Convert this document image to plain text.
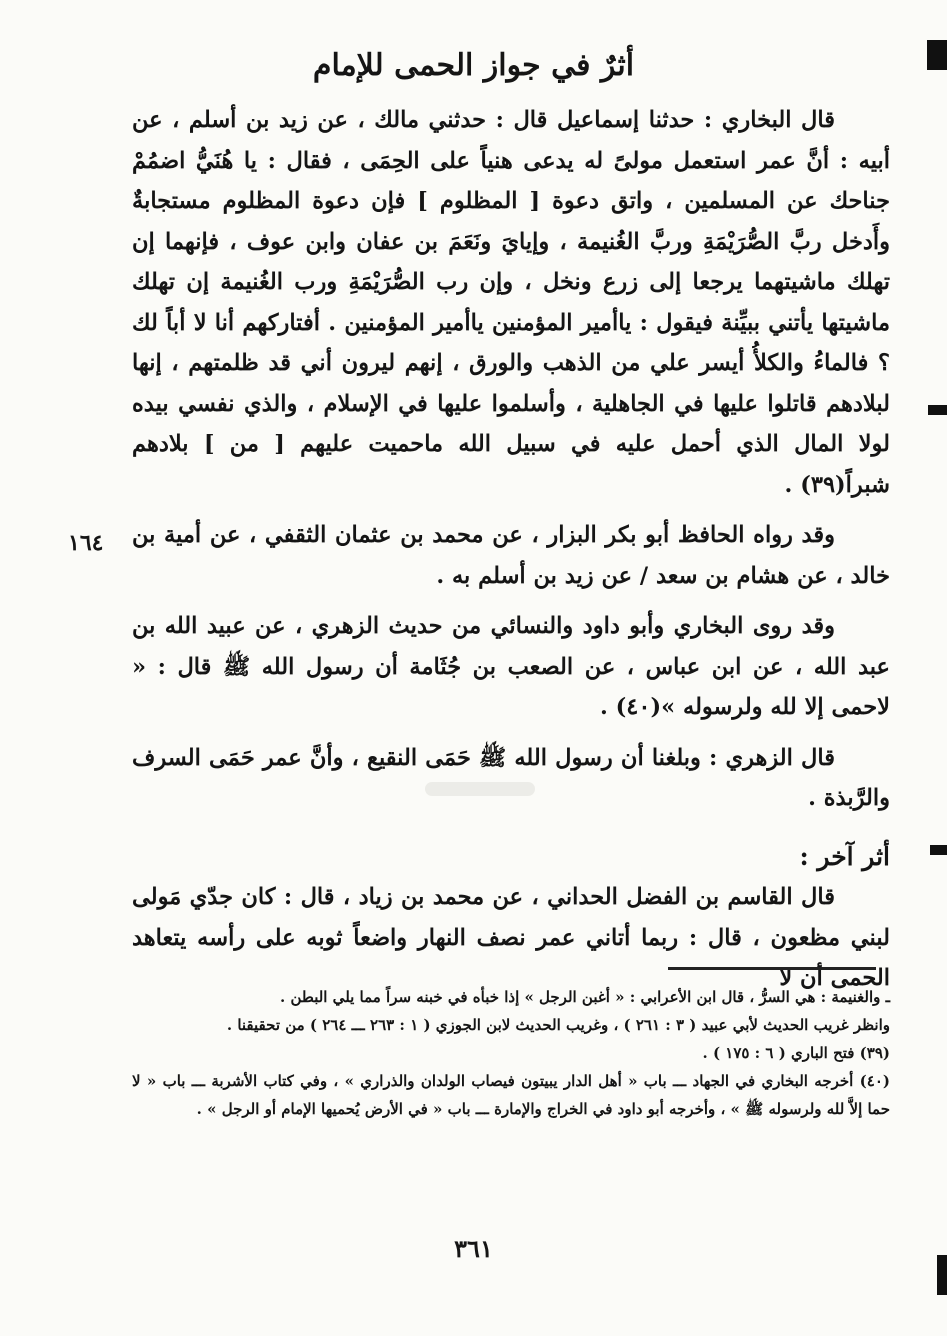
أثرٌ في جواز الحمى للإمام
١٦٤

قال البخاري : حدثنا إسماعيل قال : حدثني مالك ، عن زيد بن أسلم ، عن أبيه : أنَّ عمر استعمل مولىً له يدعى هنياً على الحِمَى ، فقال : يا هُنَيُّ اضمُمْ جناحك عن المسلمين ، واتق دعوة [ المظلوم ] فإن دعوة المظلوم مستجابةٌ وأَدخل ربَّ الصُّرَيْمَةِ وربَّ الغُنيمة ، وإيايَ ونَعَمَ بن عفان وابن عوف ، فإنهما إن تهلك ماشيتهما يرجعا إلى زرع ونخل ، وإن رب الصُّرَيْمَةِ ورب الغُنيمة إن تهلك ماشيتها يأتني ببيِّنة فيقول : ياأمير المؤمنين ياأمير المؤمنين . أفتاركهم أنا لا أباً لك ؟ فالماءُ والكلأُ أيسر علي من الذهب والورق ، إنهم ليرون أني قد ظلمتهم ، إنها لبلادهم قاتلوا عليها في الجاهلية ، وأسلموا عليها في الإسلام ، والذي نفسي بيده لولا المال الذي أحمل عليه في سبيل الله ماحميت عليهم [ من ] بلادهم شبراً(٣٩) .

وقد رواه الحافظ أبو بكر البزار ، عن محمد بن عثمان الثقفي ، عن أمية بن خالد ، عن هشام بن سعد / عن زيد بن أسلم به .

وقد روى البخاري وأبو داود والنسائي من حديث الزهري ، عن عبيد الله بن عبد الله ، عن ابن عباس ، عن الصعب بن جُثَامة أن رسول الله ﷺ قال : « لاحمى إلا لله ولرسوله »(٤٠) .

قال الزهري : وبلغنا أن رسول الله ﷺ حَمَى النقيع ، وأنَّ عمر حَمَى السرف والرَّبذة .

أثر آخر :

قال القاسم بن الفضل الحداني ، عن محمد بن زياد ، قال : كان جدّي مَولى لبني مظعون ، قال : ربما أتاني عمر نصف النهار واضعاً ثوبه على رأسه يتعاهد الحمى أن لا

ـ والغنيمة : هي السرُّ ، قال ابن الأعرابي : « أغبن الرجل » إذا خبأه في خبنه سراً مما يلي البطن .

وانظر غريب الحديث لأبي عبيد ( ٣ : ٢٦١ ) ، وغريب الحديث لابن الجوزي ( ١ : ٢٦٣ ـــ ٢٦٤ ) من تحقيقنا .

(٣٩) فتح الباري ( ٦ : ١٧٥ ) .

(٤٠) أخرجه البخاري في الجهاد ـــ باب « أهل الدار يبيتون فيصاب الولدان والذراري » ، وفي كتاب الأشربة ـــ باب « لا حما إلاَّ لله ولرسوله ﷺ » ، وأخرجه أبو داود في الخراج والإمارة ـــ باب « في الأرض يُحميها الإمام أو الرجل » .

٣٦١
